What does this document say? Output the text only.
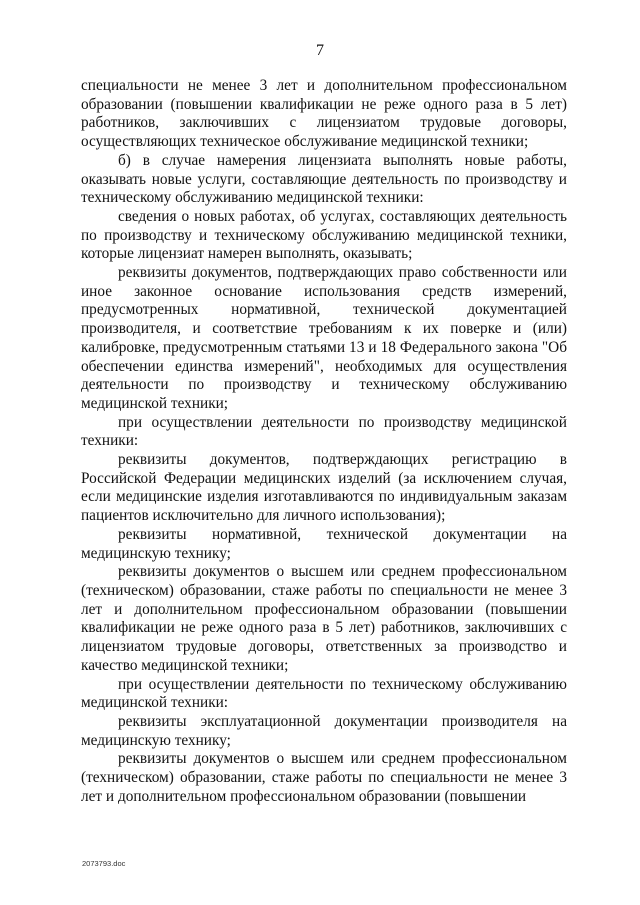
7

специальности не менее 3 лет и дополнительном профессиональном образовании (повышении квалификации не реже одного раза в 5 лет) работников, заключивших с лицензиатом трудовые договоры, осуществляющих техническое обслуживание медицинской техники;

б) в случае намерения лицензиата выполнять новые работы, оказывать новые услуги, составляющие деятельность по производству и техническому обслуживанию медицинской техники:

сведения о новых работах, об услугах, составляющих деятельность по производству и техническому обслуживанию медицинской техники, которые лицензиат намерен выполнять, оказывать;

реквизиты документов, подтверждающих право собственности или иное законное основание использования средств измерений, предусмотренных нормативной, технической документацией производителя, и соответствие требованиям к их поверке и (или) калибровке, предусмотренным статьями 13 и 18 Федерального закона "Об обеспечении единства измерений", необходимых для осуществления деятельности по производству и техническому обслуживанию медицинской техники;

при осуществлении деятельности по производству медицинской техники:

реквизиты документов, подтверждающих регистрацию в Российской Федерации медицинских изделий (за исключением случая, если медицинские изделия изготавливаются по индивидуальным заказам пациентов исключительно для личного использования);

реквизиты нормативной, технической документации на медицинскую технику;

реквизиты документов о высшем или среднем профессиональном (техническом) образовании, стаже работы по специальности не менее 3 лет и дополнительном профессиональном образовании (повышении квалификации не реже одного раза в 5 лет) работников, заключивших с лицензиатом трудовые договоры, ответственных за производство и качество медицинской техники;

при осуществлении деятельности по техническому обслуживанию медицинской техники:

реквизиты эксплуатационной документации производителя на медицинскую технику;

реквизиты документов о высшем или среднем профессиональном (техническом) образовании, стаже работы по специальности не менее 3 лет и дополнительном профессиональном образовании (повышении

2073793.doc
